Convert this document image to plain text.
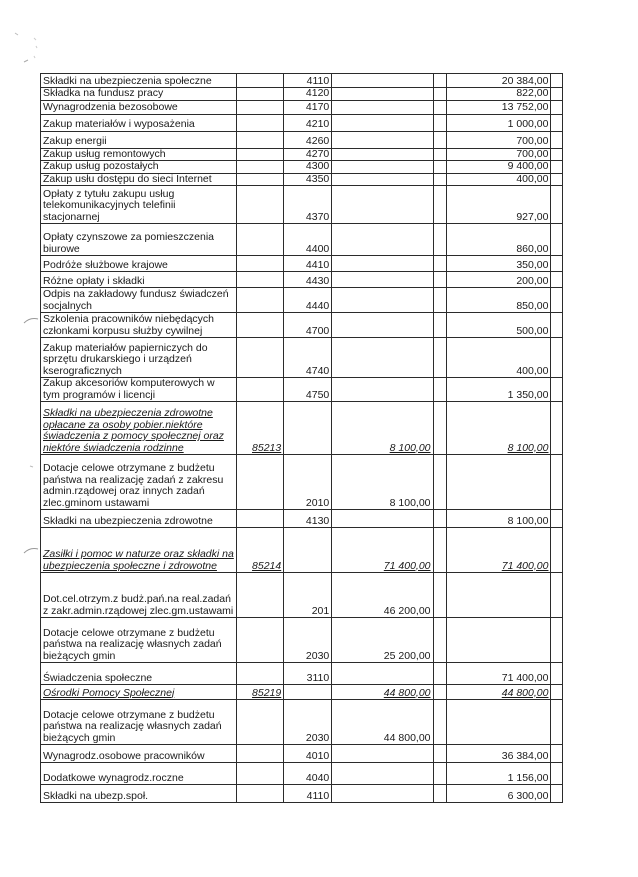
Składki na ubezpieczenia społeczne		4110			20 384,00	
Składka na fundusz pracy		4120			822,00	
Wynagrodzenia bezosobowe		4170			13 752,00	
Zakup materiałów i wyposażenia		4210			1 000,00	
Zakup energii		4260			700,00	
Zakup usług remontowych		4270			700,00	
Zakup usług pozostałych		4300			9 400,00	
Zakup usłu dostępu do sieci Internet		4350			400,00	
Opłaty z tytułu zakupu usług telekomunikacyjnych telefinii stacjonarnej		4370			927,00	
Opłaty czynszowe za pomieszczenia biurowe		4400			860,00	
Podróże służbowe krajowe		4410			350,00	
Różne opłaty i składki		4430			200,00	
Odpis na zakładowy fundusz świadczeń socjalnych		4440			850,00	
Szkolenia pracowników niebędących członkami korpusu służby cywilnej		4700			500,00	
Zakup materiałów papierniczych do sprzętu drukarskiego i urządzeń kserograficznych		4740			400,00	
Zakup akcesoriów komputerowych w tym programów i licencji		4750			1 350,00	
Składki na ubezpieczenia zdrowotne opłacane za osoby pobier.niektóre świadczenia z pomocy społecznej oraz niektóre świadczenia rodzinne	85213		8 100,00		8 100,00	
Dotacje celowe otrzymane z budżetu państwa na realizację zadań z zakresu admin.rządowej oraz innych zadań zlec.gminom ustawami		2010	8 100,00			
Składki na ubezpieczenia zdrowotne		4130			8 100,00	
Zasiłki i pomoc w naturze oraz składki na ubezpieczenia społeczne i zdrowotne	85214		71 400,00		71 400,00	
Dot.cel.otrzym.z budż.pań.na real.zadań z zakr.admin.rządowej zlec.gm.ustawami		201	46 200,00			
Dotacje celowe otrzymane z budżetu państwa na realizację własnych zadań bieżących gmin		2030	25 200,00			
Świadczenia społeczne		3110			71 400,00	
Ośrodki Pomocy Społecznej	85219		44 800,00		44 800,00	
Dotacje celowe otrzymane z budżetu państwa na realizację własnych zadań bieżących gmin		2030	44 800,00			
Wynagrodz.osobowe pracowników		4010			36 384,00	
Dodatkowe wynagrodz.roczne		4040			1 156,00	
Składki na ubezp.społ.		4110			6 300,00	
